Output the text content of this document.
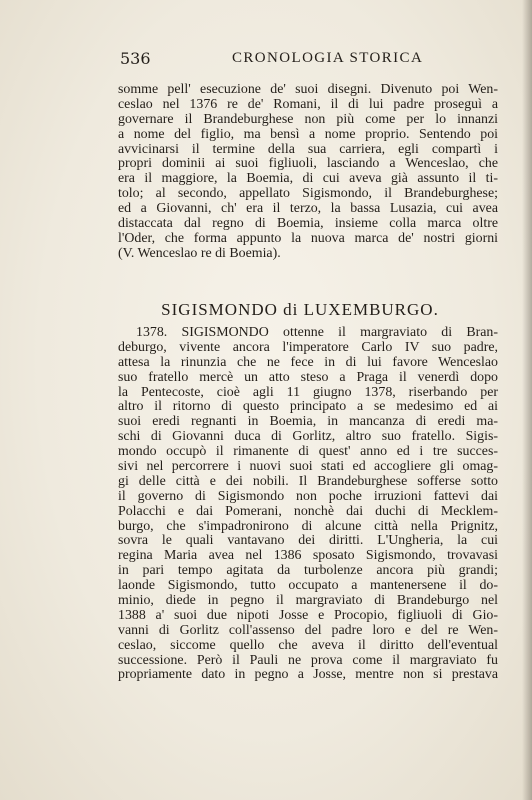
536	CRONOLOGIA STORICA
somme pell' esecuzione de' suoi disegni. Divenuto poi Wen-
ceslao nel 1376 re de' Romani, il di lui padre proseguì a
governare il Brandeburghese non più come per lo innanzi
a nome del figlio, ma bensì a nome proprio. Sentendo poi
avvicinarsi il termine della sua carriera, egli compartì i
propri dominii ai suoi figliuoli, lasciando a Wenceslao, che
era il maggiore, la Boemia, di cui aveva già assunto il ti-
tolo; al secondo, appellato Sigismondo, il Brandeburghese;
ed a Giovanni, ch' era il terzo, la bassa Lusazia, cui avea
distaccata dal regno di Boemia, insieme colla marca oltre
l'Oder, che forma appunto la nuova marca de' nostri giorni
(V. Wenceslao re di Boemia).
SIGISMONDO di LUXEMBURGO.
1378. SIGISMONDO ottenne il margraviato di Bran-
deburgo, vivente ancora l'imperatore Carlo IV suo padre,
attesa la rinunzia che ne fece in di lui favore Wenceslao
suo fratello mercè un atto steso a Praga il venerdì dopo
la Pentecoste, cioè agli 11 giugno 1378, riserbando per
altro il ritorno di questo principato a se medesimo ed ai
suoi eredi regnanti in Boemia, in mancanza di eredi ma-
schi di Giovanni duca di Gorlitz, altro suo fratello. Sigis-
mondo occupò il rimanente di quest' anno ed i tre succes-
sivi nel percorrere i nuovi suoi stati ed accogliere gli omag-
gi delle città e dei nobili. Il Brandeburghese sofferse sotto
il governo di Sigismondo non poche irruzioni fattevi dai
Polacchi e dai Pomerani, nonchè dai duchi di Mecklem-
burgo, che s'impadronirono di alcune città nella Prignitz,
sovra le quali vantavano dei diritti. L'Ungheria, la cui
regina Maria avea nel 1386 sposato Sigismondo, trovavasi
in pari tempo agitata da turbolenze ancora più grandi;
laonde Sigismondo, tutto occupato a mantenersene il do-
minio, diede in pegno il margraviato di Brandeburgo nel
1388 a' suoi due nipoti Josse e Procopio, figliuoli di Gio-
vanni di Gorlitz coll'assenso del padre loro e del re Wen-
ceslao, siccome quello che aveva il diritto dell'eventual
successione. Però il Pauli ne prova come il margraviato fu
propriamente dato in pegno a Josse, mentre non si prestava
